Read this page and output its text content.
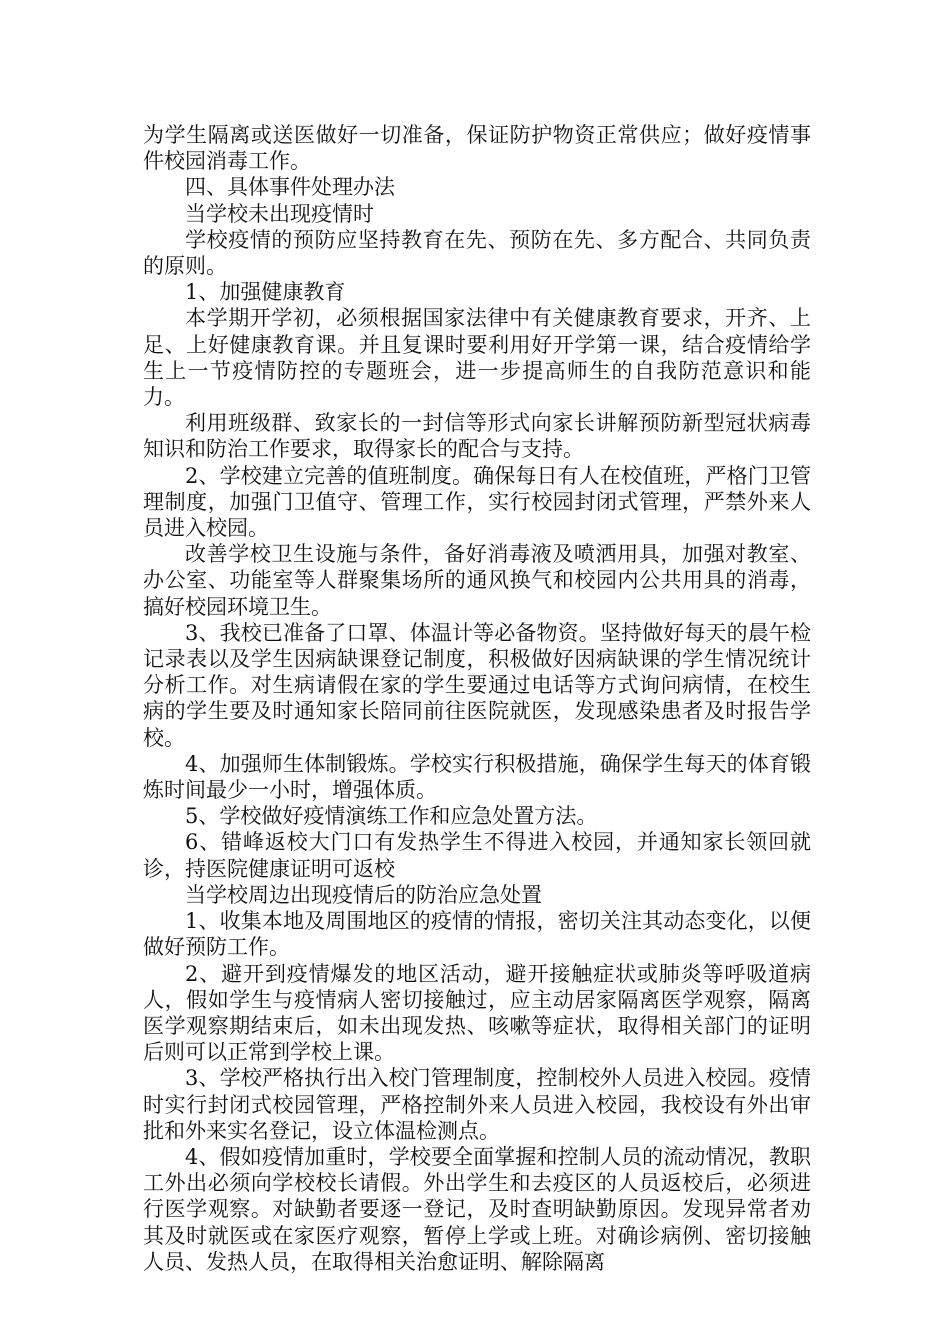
为学生隔离或送医做好一切准备，保证防护物资正常供应；做好疫情事件校园消毒工作。

四、具体事件处理办法

当学校未出现疫情时

学校疫情的预防应坚持教育在先、预防在先、多方配合、共同负责的原则。

1、加强健康教育

本学期开学初，必须根据国家法律中有关健康教育要求，开齐、上足、上好健康教育课。并且复课时要利用好开学第一课，结合疫情给学生上一节疫情防控的专题班会，进一步提高师生的自我防范意识和能力。

利用班级群、致家长的一封信等形式向家长讲解预防新型冠状病毒知识和防治工作要求，取得家长的配合与支持。

2、学校建立完善的值班制度。确保每日有人在校值班，严格门卫管理制度，加强门卫值守、管理工作，实行校园封闭式管理，严禁外来人员进入校园。

改善学校卫生设施与条件，备好消毒液及喷洒用具，加强对教室、办公室、功能室等人群聚集场所的通风换气和校园内公共用具的消毒，搞好校园环境卫生。

3、我校已准备了口罩、体温计等必备物资。坚持做好每天的晨午检记录表以及学生因病缺课登记制度，积极做好因病缺课的学生情况统计分析工作。对生病请假在家的学生要通过电话等方式询问病情，在校生病的学生要及时通知家长陪同前往医院就医，发现感染患者及时报告学校。

4、加强师生体制锻炼。学校实行积极措施，确保学生每天的体育锻炼时间最少一小时，增强体质。

5、学校做好疫情演练工作和应急处置方法。

6、错峰返校大门口有发热学生不得进入校园，并通知家长领回就诊，持医院健康证明可返校

当学校周边出现疫情后的防治应急处置

1、收集本地及周围地区的疫情的情报，密切关注其动态变化，以便做好预防工作。

2、避开到疫情爆发的地区活动，避开接触症状或肺炎等呼吸道病人，假如学生与疫情病人密切接触过，应主动居家隔离医学观察，隔离医学观察期结束后，如未出现发热、咳嗽等症状，取得相关部门的证明后则可以正常到学校上课。

3、学校严格执行出入校门管理制度，控制校外人员进入校园。疫情时实行封闭式校园管理，严格控制外来人员进入校园，我校设有外出审批和外来实名登记，设立体温检测点。

4、假如疫情加重时，学校要全面掌握和控制人员的流动情况，教职工外出必须向学校校长请假。外出学生和去疫区的人员返校后，必须进行医学观察。对缺勤者要逐一登记，及时查明缺勤原因。发现异常者劝其及时就医或在家医疗观察，暂停上学或上班。对确诊病例、密切接触人员、发热人员，在取得相关治愈证明、解除隔离
